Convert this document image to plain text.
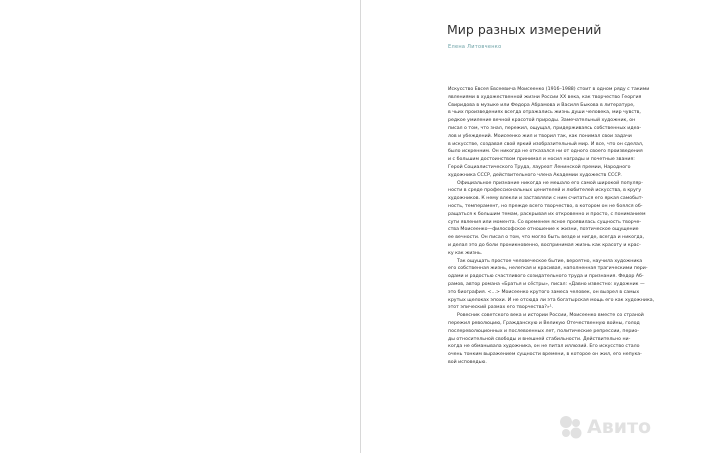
Мир разных измерений
Елена Литовченко

Искусство Евсея Евсеевича Моисеенко (1916–1988) стоит в одном ряду с такими
явлениями в художественной жизни России XX века, как творчество Георгия
Свиридова в музыке или Федора Абрамова и Василя Быкова в литературе,
в чьих произведениях всегда отражались жизнь души человека, мир чувств,
редкое умиление вечной красотой природы. Замечательный художник, он
писал о том, что знал, пережил, ощущал, придерживаясь собственных идеа-
лов и убеждений. Моисеенко жил и творил так, как понимал свои задачи
в искусстве, создавая свой яркий изобразительный мир. И все, что он сделал,
было искренним. Он никогда не отказался ни от одного своего произведения
и с большим достоинством принимал и носил награды и почетные звания:
Герой Социалистического Труда, лауреат Ленинской премии, Народного
художника СССР, действительного члена Академии художеств СССР.

Официальное признание никогда не мешало его самой широкой популяр-
ности в среде профессиональных ценителей и любителей искусства, в кругу
художников. К нему влекли и заставляли с ним считаться его яркая самобыт-
ность, темперамент, но прежде всего творчество, в котором он не боялся об-
ращаться к большим темам, раскрывая их откровенно и просто, с пониманием
сути явления или момента. Со временем ясное проявилась сущность творче-
ства Моисеенко—философское отношение к жизни, поэтическое ощущение
ее вечности. Он писал о том, что могло быть везде и нигде, всегда и никогда,
и делал это до боли проникновенно, воспринимая жизнь как красоту и крас-
кy как жизнь.

Так ощущать простое человеческое бытие, вероятно, научила художника
его собственная жизнь, нелегкая и красивая, наполненная трагическими пери-
одами и радостью счастливого созидательного труда и признания. Федор Аб-
рамов, автор романа «Братья и сёстры», писал: «Давно известно: художник —
это биография. <...> Моисеенко крутого замеса человек, он вызрел в самых
крутых щелоках эпохи. И не отсюда ли эта богатырская мощь его как художника,
этот эпический размах его творчества?»¹.

Ровесник советского века и истории России, Моисеенко вместе со страной
пережил революцию, Гражданскую и Великую Отечественную войны, голод
послереволюционных и послевоенных лет, политические репрессии, перио-
ды относительной свободы и внешней стабильности. Действительно ни-
когда не обманывала художника, он не питал иллюзий. Его искусство стало
очень тонким выражением сущности времени, в которое он жил, его непука-
вой исповедью.

Авито
